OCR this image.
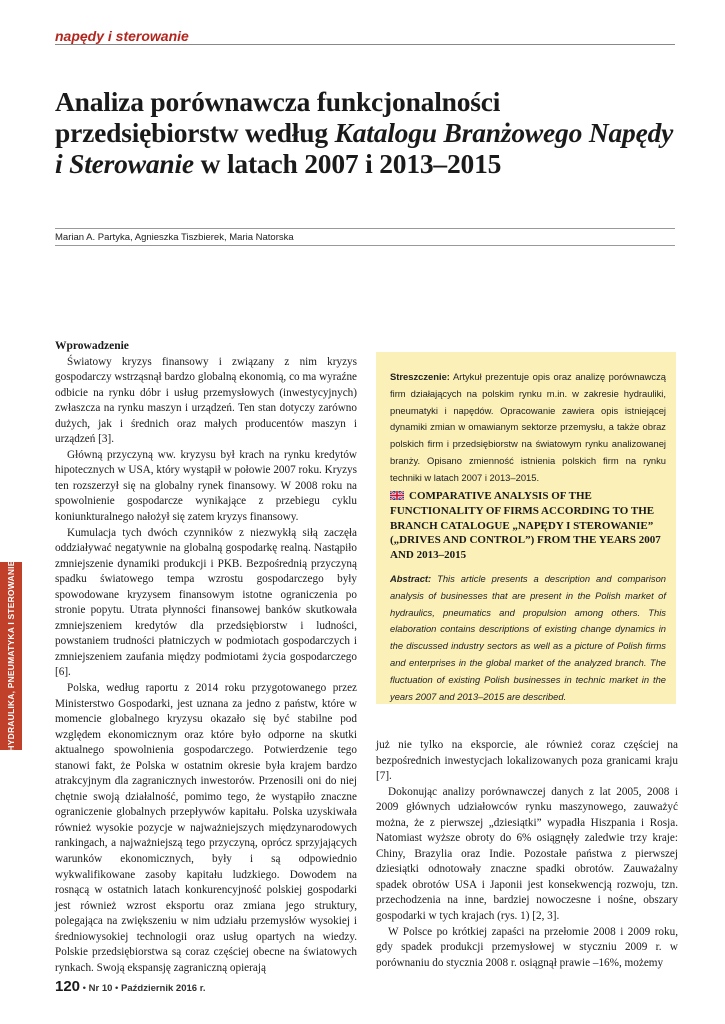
napędy i sterowanie
Analiza porównawcza funkcjonalności przedsiębiorstw według Katalogu Branżowego Napędy i Sterowanie w latach 2007 i 2013–2015
Marian A. Partyka, Agnieszka Tiszbierek, Maria Natorska
HYDRAULIKA, PNEUMATYKA I STEROWANIE
Wprowadzenie

Światowy kryzys finansowy i związany z nim kryzys gospodarczy wstrząsnął bardzo globalną ekonomią, co ma wyraźne odbicie na rynku dóbr i usług przemysłowych (inwestycyjnych) zwłaszcza na rynku maszyn i urządzeń. Ten stan dotyczy zarówno dużych, jak i średnich oraz małych producentów maszyn i urządzeń [3].

Główną przyczyną ww. kryzysu był krach na rynku kredytów hipotecznych w USA, który wystąpił w połowie 2007 roku. Kryzys ten rozszerzył się na globalny rynek finansowy. W 2008 roku na spowolnienie gospodarcze wynikające z przebiegu cyklu koniunkturalnego nałożył się zatem kryzys finansowy.

Kumulacja tych dwóch czynników z niezwykłą siłą zaczęła oddziaływać negatywnie na globalną gospodarkę realną. Nastąpiło zmniejszenie dynamiki produkcji i PKB. Bezpośrednią przyczyną spadku światowego tempa wzrostu gospodarczego były spowodowane kryzysem finansowym istotne ograniczenia po stronie popytu. Utrata płynności finansowej banków skutkowała zmniejszeniem kredytów dla przedsiębiorstw i ludności, powstaniem trudności płatniczych w podmiotach gospodarczych i zmniejszeniem zaufania między podmiotami życia gospodarczego [6].

Polska, według raportu z 2014 roku przygotowanego przez Ministerstwo Gospodarki, jest uznana za jedno z państw, które w momencie globalnego kryzysu okazało się być stabilne pod względem ekonomicznym oraz które było odporne na skutki aktualnego spowolnienia gospodarczego. Potwierdzenie tego stanowi fakt, że Polska w ostatnim okresie była krajem bardzo atrakcyjnym dla zagranicznych inwestorów. Przenosili oni do niej chętnie swoją działalność, pomimo tego, że wystąpiło znaczne ograniczenie globalnych przepływów kapitału. Polska uzyskiwała również wysokie pozycje w najważniejszych międzynarodowych rankingach, a najważniejszą tego przyczyną, oprócz sprzyjających warunków ekonomicznych, były i są odpowiednio wykwalifikowane zasoby kapitału ludzkiego. Dowodem na rosnącą w ostatnich latach konkurencyjność polskiej gospodarki jest również wzrost eksportu oraz zmiana jego struktury, polegająca na zwiększeniu w nim udziału przemysłów wysokiej i średniowysokiej technologii oraz usług opartych na wiedzy. Polskie przedsiębiorstwa są coraz częściej obecne na światowych rynkach. Swoją ekspansję zagraniczną opierają

Streszczenie: Artykuł prezentuje opis oraz analizę porównawczą firm działających na polskim rynku m.in. w zakresie hydrauliki, pneumatyki i napędów. Opracowanie zawiera opis istniejącej dynamiki zmian w omawianym sektorze przemysłu, a także obraz polskich firm i przedsiębiorstw na światowym rynku analizowanej branży. Opisano zmienność istnienia polskich firm na rynku techniki w latach 2007 i 2013–2015.
COMPARATIVE ANALYSIS OF THE FUNCTIONALITY OF FIRMS ACCORDING TO THE BRANCH CATALOGUE „NAPĘDY I STEROWANIE” („DRIVES AND CONTROL”) FROM THE YEARS 2007 AND 2013–2015
Abstract: This article presents a description and comparison analysis of businesses that are present in the Polish market of hydraulics, pneumatics and propulsion among others. This elaboration contains descriptions of existing change dynamics in the discussed industry sectors as well as a picture of Polish firms and enterprises in the global market of the analyzed branch. The fluctuation of existing Polish businesses in technic market in the years 2007 and 2013–2015 are described.

już nie tylko na eksporcie, ale również coraz częściej na bezpośrednich inwestycjach lokalizowanych poza granicami kraju [7].

Dokonując analizy porównawczej danych z lat 2005, 2008 i 2009 głównych udziałowców rynku maszynowego, zauważyć można, że z pierwszej „dziesiątki” wypadła Hiszpania i Rosja. Natomiast wyższe obroty do 6% osiągnęły zaledwie trzy kraje: Chiny, Brazylia oraz Indie. Pozostałe państwa z pierwszej dziesiątki odnotowały znaczne spadki obrotów. Zauważalny spadek obrotów USA i Japonii jest konsekwencją rozwoju, tzn. przechodzenia na inne, bardziej nowoczesne i nośne, obszary gospodarki w tych krajach (rys. 1) [2, 3].

W Polsce po krótkiej zapaści na przełomie 2008 i 2009 roku, gdy spadek produkcji przemysłowej w styczniu 2009 r. w porównaniu do stycznia 2008 r. osiągnął prawie –16%, możemy

120 • Nr 10 • Październik 2016 r.
